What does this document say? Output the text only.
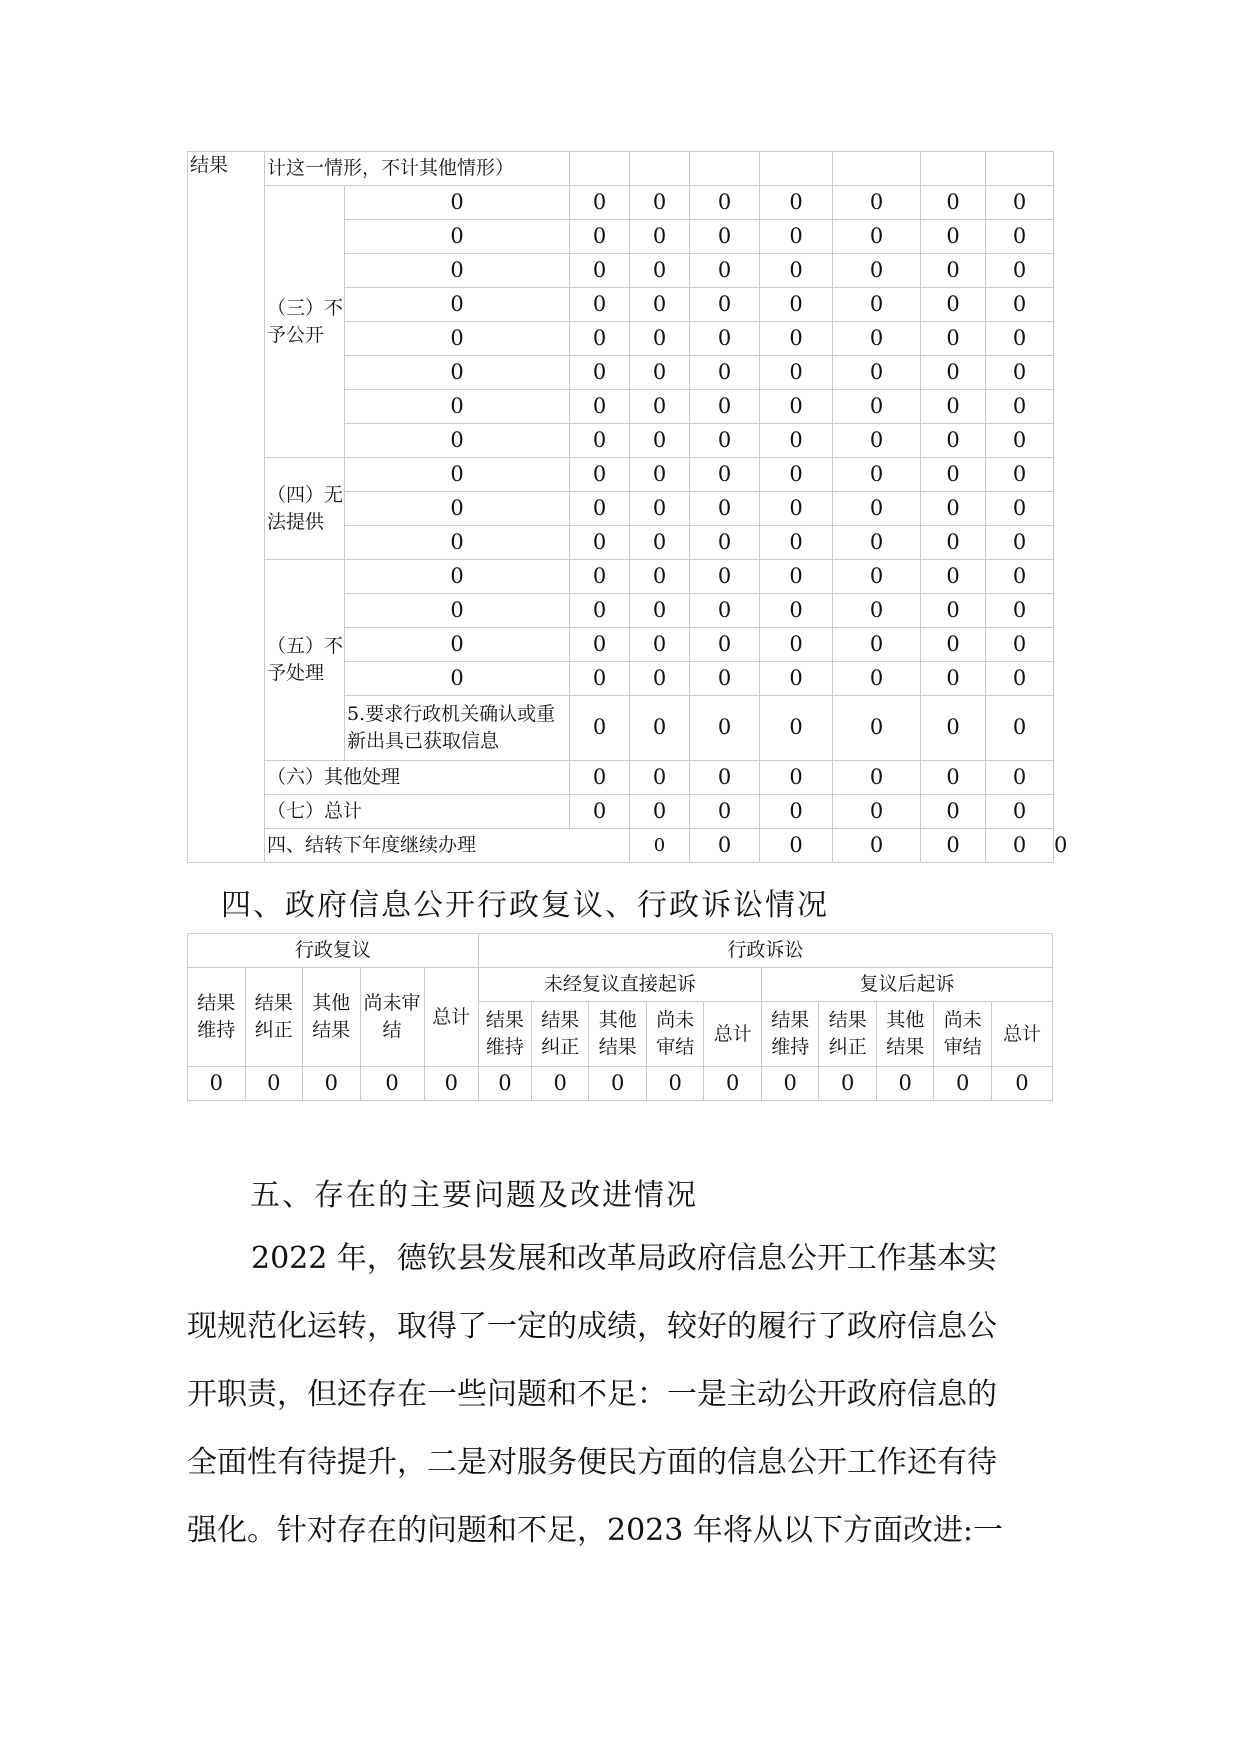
结果	计这一情形，不计其他情形）									
	（三）不予公开	0	0	0	0	0	0	0	0	
		0	0	0	0	0	0	0	0	
		0	0	0	0	0	0	0	0	
		0	0	0	0	0	0	0	0	
		0	0	0	0	0	0	0	0	
		0	0	0	0	0	0	0	0	
		0	0	0	0	0	0	0	0	
		0	0	0	0	0	0	0	0	
	（四）无法提供	0	0	0	0	0	0	0	0	
		0	0	0	0	0	0	0	0	
		0	0	0	0	0	0	0	0	
	（五）不予处理	0	0	0	0	0	0	0	0	
		0	0	0	0	0	0	0	0	
		0	0	0	0	0	0	0	0	
		0	0	0	0	0	0	0	0	
		5.要求行政机关确认或重新出具已获取信息	0	0	0	0	0	0	0	
	（六）其他处理		0	0	0	0	0	0	0	
	（七）总计		0	0	0	0	0	0	0	
	四、结转下年度继续办理			0	0	0	0	0	0	0
四、政府信息公开行政复议、行政诉讼情况
行政复议					行政诉讼									
结果维持	结果纠正	其他结果	尚未审结	总计	未经复议直接起诉					复议后起诉				
					结果维持	结果纠正	其他结果	尚未审结	总计	结果维持	结果纠正	其他结果	尚未审结	总计
0	0	0	0	0	0	0	0	0	0	0	0	0	0	0
五、存在的主要问题及改进情况

2022 年，德钦县发展和改革局政府信息公开工作基本实

现规范化运转，取得了一定的成绩，较好的履行了政府信息公

开职责，但还存在一些问题和不足：一是主动公开政府信息的

全面性有待提升，二是对服务便民方面的信息公开工作还有待

强化。针对存在的问题和不足，2023 年将从以下方面改进:一
